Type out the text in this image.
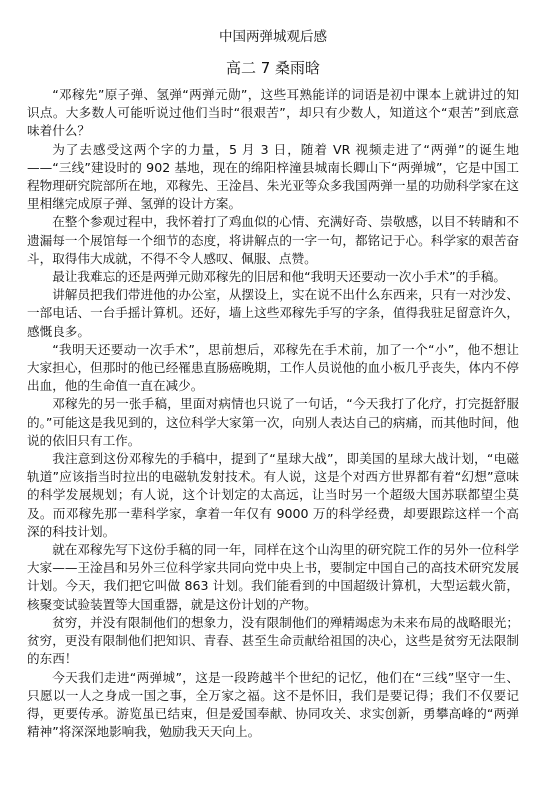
中国两弹城观后感
高二 7 桑雨晗

“邓稼先”原子弹、氢弹“两弹元勋”，这些耳熟能详的词语是初中课本上就讲过的知识点。大多数人可能听说过他们当时“很艰苦”，却只有少数人，知道这个“艰苦”到底意味着什么？

为了去感受这两个字的力量，5 月 3 日，随着 VR 视频走进了“两弹”的诞生地——“三线”建设时的 902 基地，现在的绵阳梓潼县城南长卿山下“两弹城”，它是中国工程物理研究院部所在地，邓稼先、王淦昌、朱光亚等众多我国两弹一星的功勋科学家在这里相继完成原子弹、氢弹的设计方案。

在整个参观过程中，我怀着打了鸡血似的心情、充满好奇、崇敬感，以目不转睛和不遗漏每一个展馆每一个细节的态度，将讲解点的一字一句，都铭记于心。科学家的艰苦奋斗，取得伟大成就，不得不令人感叹、佩服、点赞。

最让我难忘的还是两弹元勋邓稼先的旧居和他“我明天还要动一次小手术”的手稿。

讲解员把我们带进他的办公室，从摆设上，实在说不出什么东西来，只有一对沙发、一部电话、一台手摇计算机。还好，墙上这些邓稼先手写的字条，值得我驻足留意许久，感慨良多。

“我明天还要动一次手术”，思前想后，邓稼先在手术前，加了一个“小”，他不想让大家担心，但那时的他已经罹患直肠癌晚期，工作人员说他的血小板几乎丧失，体内不停出血，他的生命值一直在减少。

邓稼先的另一张手稿，里面对病情也只说了一句话，“今天我打了化疗，打完挺舒服的。”可能这是我见到的，这位科学大家第一次，向别人表达自己的病痛，而其他时间，他说的依旧只有工作。

我注意到这份邓稼先的手稿中，提到了“星球大战”，即美国的星球大战计划，“电磁轨道”应该指当时拉出的电磁轨发射技术。有人说，这是个对西方世界都有着“幻想”意味的科学发展规划；有人说，这个计划定的太高远，让当时另一个超级大国苏联都望尘莫及。而邓稼先那一辈科学家，拿着一年仅有 9000 万的科学经费，却要跟踪这样一个高深的科技计划。

就在邓稼先写下这份手稿的同一年，同样在这个山沟里的研究院工作的另外一位科学大家——王淦昌和另外三位科学家共同向党中央上书，要制定中国自己的高技术研究发展计划。今天，我们把它叫做 863 计划。我们能看到的中国超级计算机，大型运载火箭，核聚变试验装置等大国重器，就是这份计划的产物。

贫穷，并没有限制他们的想象力，没有限制他们的殚精竭虑为未来布局的战略眼光；贫穷，更没有限制他们把知识、青春、甚至生命贡献给祖国的决心，这些是贫穷无法限制的东西！

今天我们走进“两弹城”，这是一段跨越半个世纪的记忆，他们在“三线”坚守一生、只愿以一人之身成一国之事，全万家之福。这不是怀旧，我们是要记得；我们不仅要记得，更要传承。游览虽已结束，但是爱国奉献、协同攻关、求实创新，勇攀高峰的“两弹精神”将深深地影响我，勉励我天天向上。
